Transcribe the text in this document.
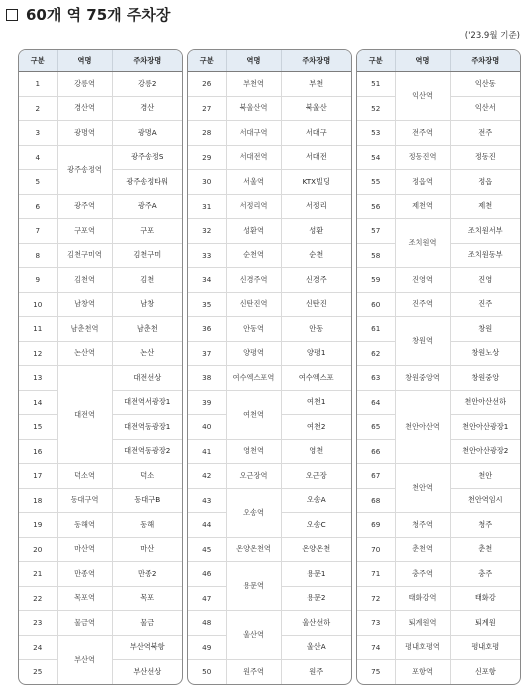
60개 역 75개 주차장
('23.9월 기준)
구분	역명	주차장명
1	강릉역	강릉2
2	경산역	경산
3	광명역	광명A
4	광주송정역	광주송정S
5		광주송정타워
6	광주역	광주A
7	구포역	구포
8	김천구미역	김천구미
9	김천역	김천
10	남창역	남창
11	남춘천역	남춘천
12	논산역	논산
13	대전역	대전선상
14		대전역서광장1
15		대전역동광장1
16		대전역동광장2
17	덕소역	덕소
18	동대구역	동대구B
19	동해역	동해
20	마산역	마산
21	만종역	만종2
22	목포역	목포
23	물금역	물금
24	부산역	부산역북항
25		부산선상
구분	역명	주차장명
26	부천역	부천
27	북울산역	북울산
28	서대구역	서대구
29	서대전역	서대전
30	서울역	KTX빌딩
31	서정리역	서정리
32	성환역	성환
33	순천역	순천
34	신경주역	신경주
35	신탄진역	신탄진
36	안동역	안동
37	양평역	양평1
38	여수엑스포역	여수엑스포
39	여천역	여천1
40		여천2
41	영천역	영천
42	오근장역	오근장
43	오송역	오송A
44		오송C
45	온양온천역	온양온천
46	용문역	용문1
47		용문2
48	울산역	울산선하
49		울산A
50	원주역	원주
구분	역명	주차장명
51	익산역	익산동
52		익산서
53	전주역	전주
54	정동진역	정동진
55	정읍역	정읍
56	제천역	제천
57	조치원역	조치원서부
58		조치원동부
59	진영역	진영
60	진주역	진주
61	창원역	창원
62		창원노상
63	창원중앙역	창원중앙
64	천안아산역	천안아산선하
65		천안아산광장1
66		천안아산광장2
67	천안역	천안
68		천안역임시
69	청주역	청주
70	춘천역	춘천
71	충주역	충주
72	태화강역	태화강
73	퇴계원역	퇴계원
74	평내호평역	평내호평
75	포항역	신포항
